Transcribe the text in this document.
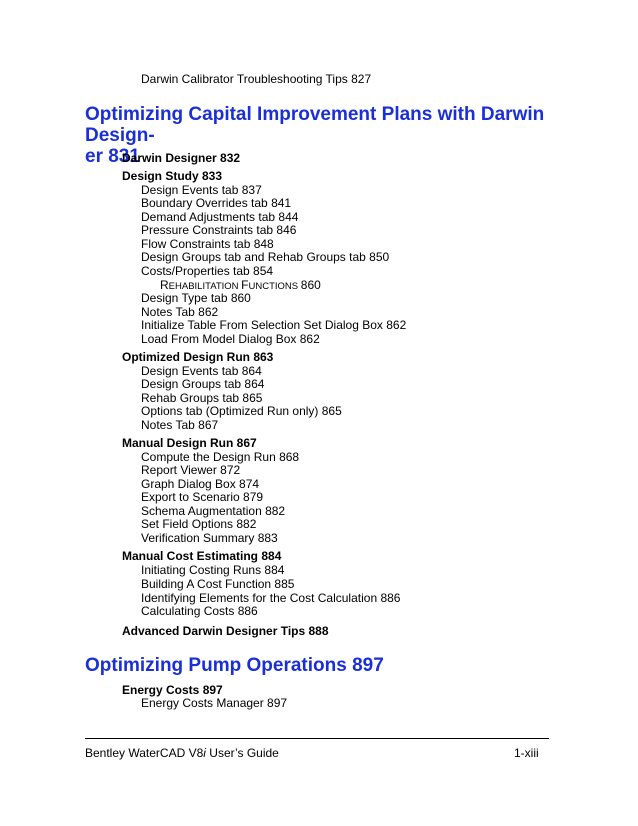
Darwin Calibrator Troubleshooting Tips 827
Optimizing Capital Improvement Plans with Darwin Design-
er 831
Darwin Designer 832
Design Study 833
Design Events tab 837
Boundary Overrides tab 841
Demand Adjustments tab 844
Pressure Constraints tab 846
Flow Constraints tab 848
Design Groups tab and Rehab Groups tab 850
Costs/Properties tab 854
REHABILITATION FUNCTIONS 860
Design Type tab 860
Notes Tab 862
Initialize Table From Selection Set Dialog Box 862
Load From Model Dialog Box 862
Optimized Design Run 863
Design Events tab 864
Design Groups tab 864
Rehab Groups tab 865
Options tab (Optimized Run only) 865
Notes Tab 867
Manual Design Run 867
Compute the Design Run 868
Report Viewer 872
Graph Dialog Box 874
Export to Scenario 879
Schema Augmentation 882
Set Field Options 882
Verification Summary 883
Manual Cost Estimating 884
Initiating Costing Runs 884
Building A Cost Function 885
Identifying Elements for the Cost Calculation 886
Calculating Costs 886
Advanced Darwin Designer Tips 888
Optimizing Pump Operations 897
Energy Costs 897
Energy Costs Manager 897
Bentley WaterCAD V8i User’s Guide	1-xiii
